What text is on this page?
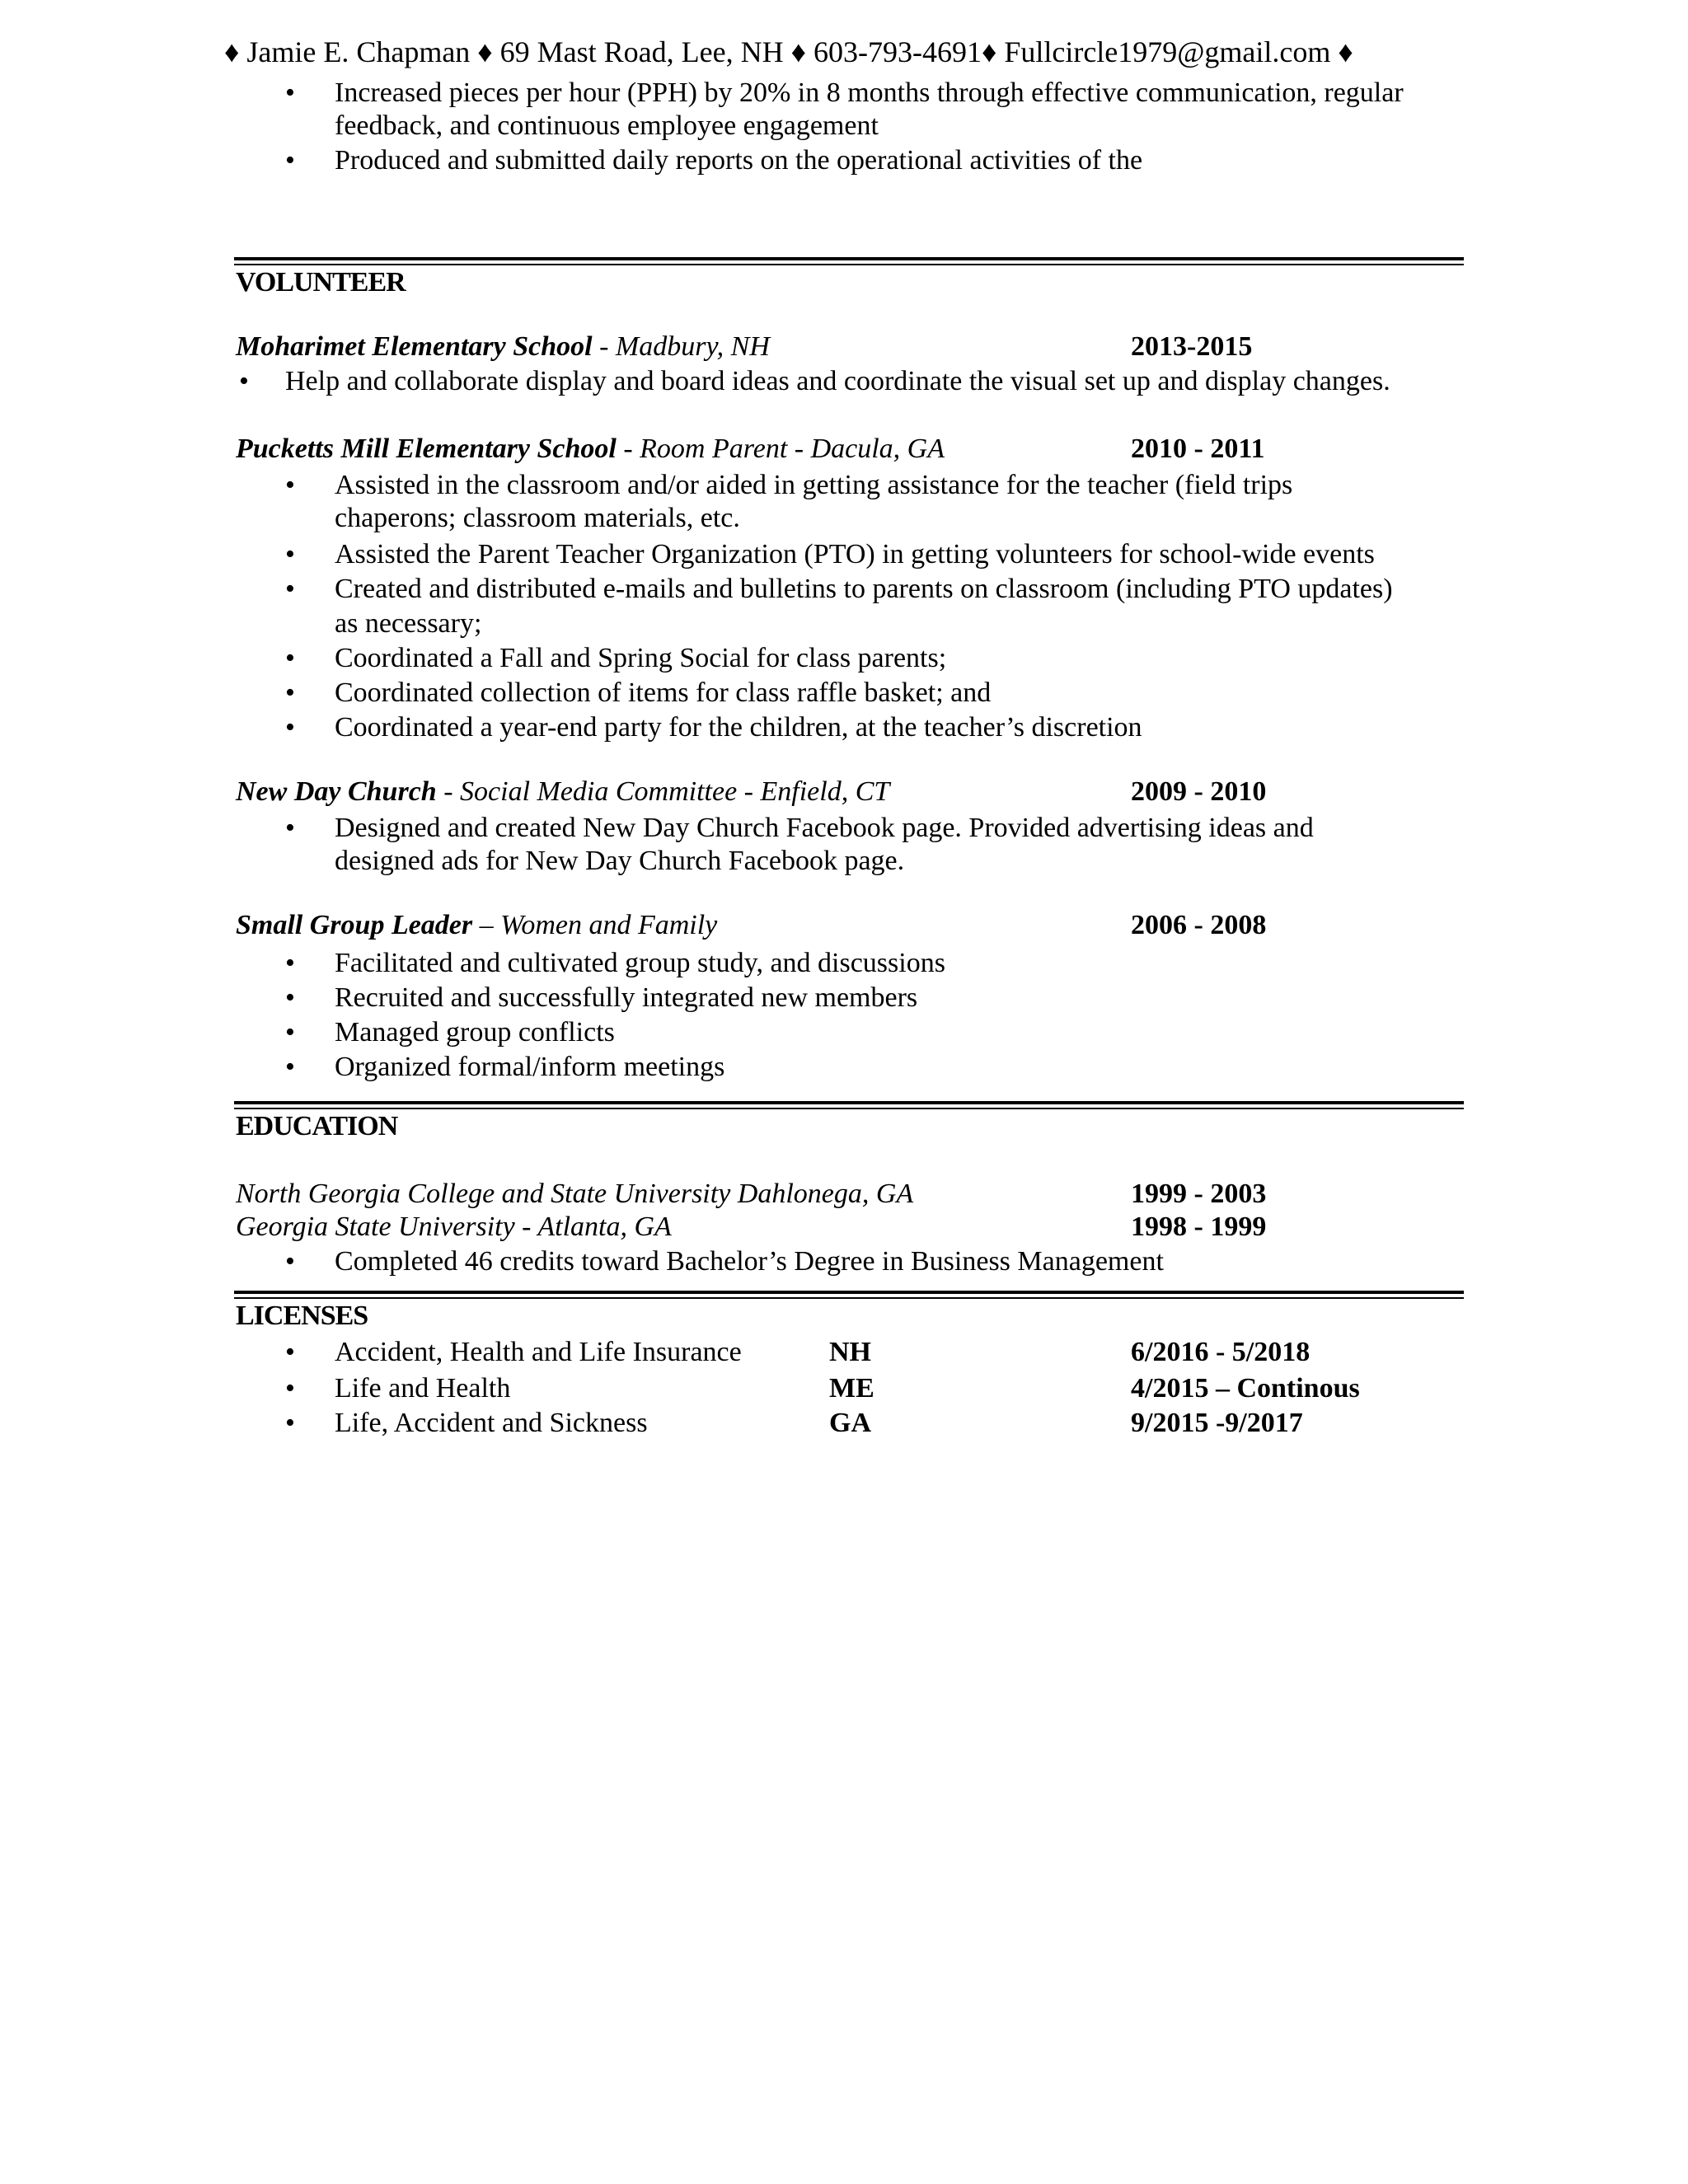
♦ Jamie E. Chapman ♦ 69 Mast Road, Lee, NH ♦ 603-793-4691♦ Fullcircle1979@gmail.com ♦
• Increased pieces per hour (PPH) by 20% in 8 months through effective communication, regular
feedback, and continuous employee engagement
• Produced and submitted daily reports on the operational activities of the
VOLUNTEER
Moharimet Elementary School - Madbury, NH	2013-2015
• Help and collaborate display and board ideas and coordinate the visual set up and display changes.
Pucketts Mill Elementary School - Room Parent - Dacula, GA	2010 - 2011
• Assisted in the classroom and/or aided in getting assistance for the teacher (field trips
chaperons; classroom materials, etc.
• Assisted the Parent Teacher Organization (PTO) in getting volunteers for school-wide events
• Created and distributed e-mails and bulletins to parents on classroom (including PTO updates)
as necessary;
• Coordinated a Fall and Spring Social for class parents;
• Coordinated collection of items for class raffle basket; and
• Coordinated a year-end party for the children, at the teacher’s discretion
New Day Church - Social Media Committee - Enfield, CT	2009 - 2010
• Designed and created New Day Church Facebook page. Provided advertising ideas and
designed ads for New Day Church Facebook page.
Small Group Leader – Women and Family	2006 - 2008
• Facilitated and cultivated group study, and discussions
• Recruited and successfully integrated new members
• Managed group conflicts
• Organized formal/inform meetings
EDUCATION
North Georgia College and State University Dahlonega, GA	1999 - 2003
Georgia State University - Atlanta, GA	1998 - 1999
• Completed 46 credits toward Bachelor’s Degree in Business Management
LICENSES
• Accident, Health and Life Insurance	NH	6/2016 - 5/2018
• Life and Health	ME	4/2015 – Continous
• Life, Accident and Sickness	GA	9/2015 -9/2017
